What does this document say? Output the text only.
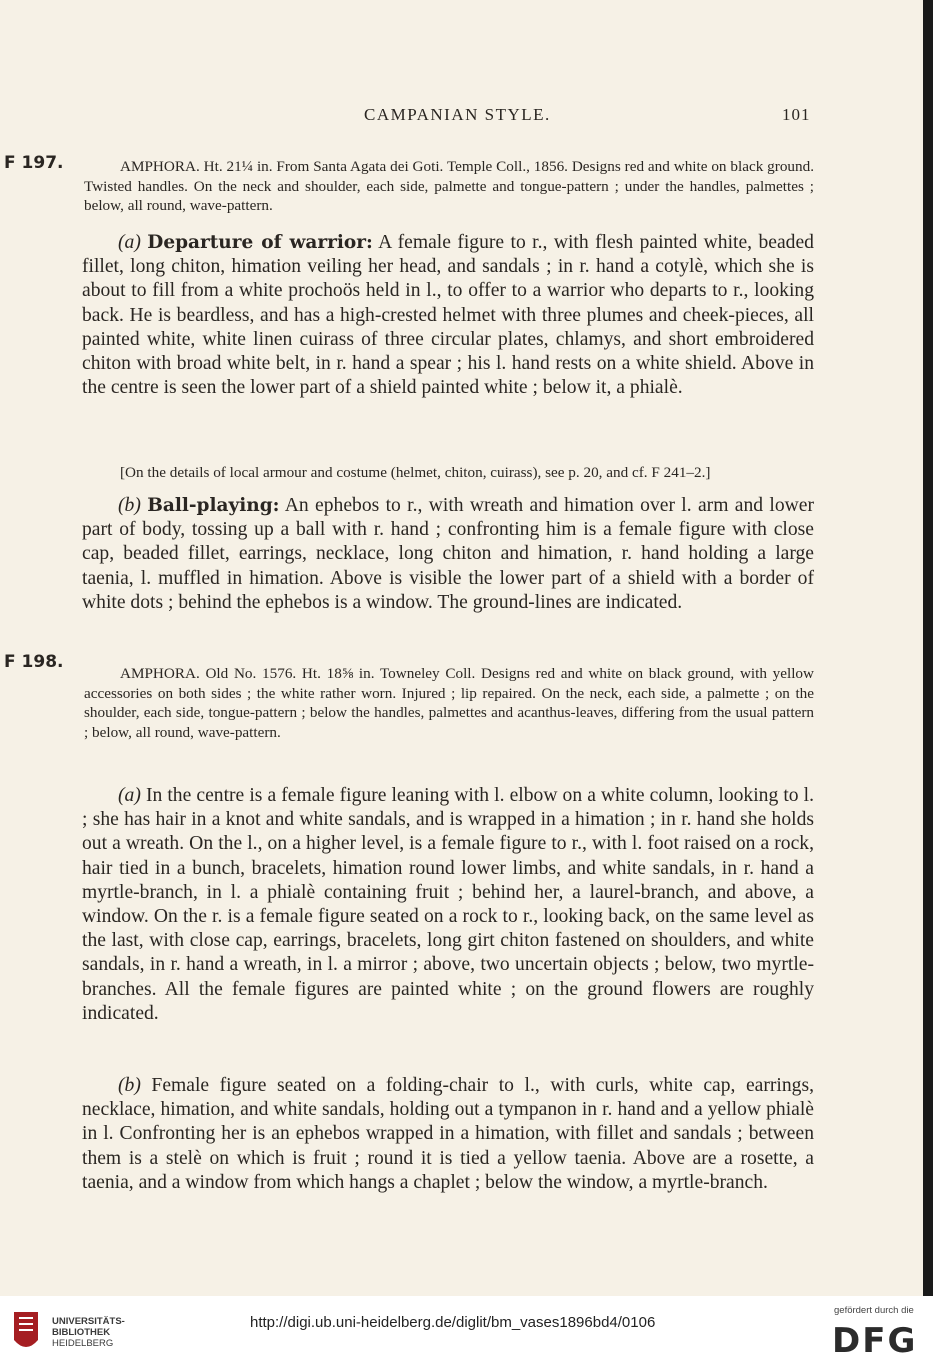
CAMPANIAN STYLE.	101
F 197.	AMPHORA. Ht. 21¼ in. From Santa Agata dei Goti. Temple Coll., 1856. Designs red and white on black ground. Twisted handles. On the neck and shoulder, each side, palmette and tongue-pattern ; under the handles, palmettes ; below, all round, wave-pattern.

(a) Departure of warrior: A female figure to r., with flesh painted white, beaded fillet, long chiton, himation veiling her head, and sandals ; in r. hand a cotylè, which she is about to fill from a white prochoös held in l., to offer to a warrior who departs to r., looking back. He is beardless, and has a high-crested helmet with three plumes and cheek-pieces, all painted white, white linen cuirass of three circular plates, chlamys, and short embroidered chiton with broad white belt, in r. hand a spear ; his l. hand rests on a white shield. Above in the centre is seen the lower part of a shield painted white ; below it, a phialè.

[On the details of local armour and costume (helmet, chiton, cuirass), see p. 20, and cf. F 241–2.]

(b) Ball-playing: An ephebos to r., with wreath and himation over l. arm and lower part of body, tossing up a ball with r. hand ; confronting him is a female figure with close cap, beaded fillet, earrings, necklace, long chiton and himation, r. hand holding a large taenia, l. muffled in himation. Above is visible the lower part of a shield with a border of white dots ; behind the ephebos is a window. The ground-lines are indicated.

F 198.

AMPHORA. Old No. 1576. Ht. 18⅝ in. Towneley Coll. Designs red and white on black ground, with yellow accessories on both sides ; the white rather worn. Injured ; lip repaired. On the neck, each side, a palmette ; on the shoulder, each side, tongue-pattern ; below the handles, palmettes and acanthus-leaves, differing from the usual pattern ; below, all round, wave-pattern.

(a) In the centre is a female figure leaning with l. elbow on a white column, looking to l. ; she has hair in a knot and white sandals, and is wrapped in a himation ; in r. hand she holds out a wreath. On the l., on a higher level, is a female figure to r., with l. foot raised on a rock, hair tied in a bunch, bracelets, himation round lower limbs, and white sandals, in r. hand a myrtle-branch, in l. a phialè containing fruit ; behind her, a laurel-branch, and above, a window. On the r. is a female figure seated on a rock to r., looking back, on the same level as the last, with close cap, earrings, bracelets, long girt chiton fastened on shoulders, and white sandals, in r. hand a wreath, in l. a mirror ; above, two uncertain objects ; below, two myrtle-branches. All the female figures are painted white ; on the ground flowers are roughly indicated.

(b) Female figure seated on a folding-chair to l., with curls, white cap, earrings, necklace, himation, and white sandals, holding out a tympanon in r. hand and a yellow phialè in l. Confronting her is an ephebos wrapped in a himation, with fillet and sandals ; between them is a stelè on which is fruit ; round it is tied a yellow taenia. Above are a rosette, a taenia, and a window from which hangs a chaplet ; below the window, a myrtle-branch.

UNIVERSITÄTS-
BIBLIOTHEK
HEIDELBERG
http://digi.ub.uni-heidelberg.de/diglit/bm_vases1896bd4/0106
gefördert durch die
DFG
